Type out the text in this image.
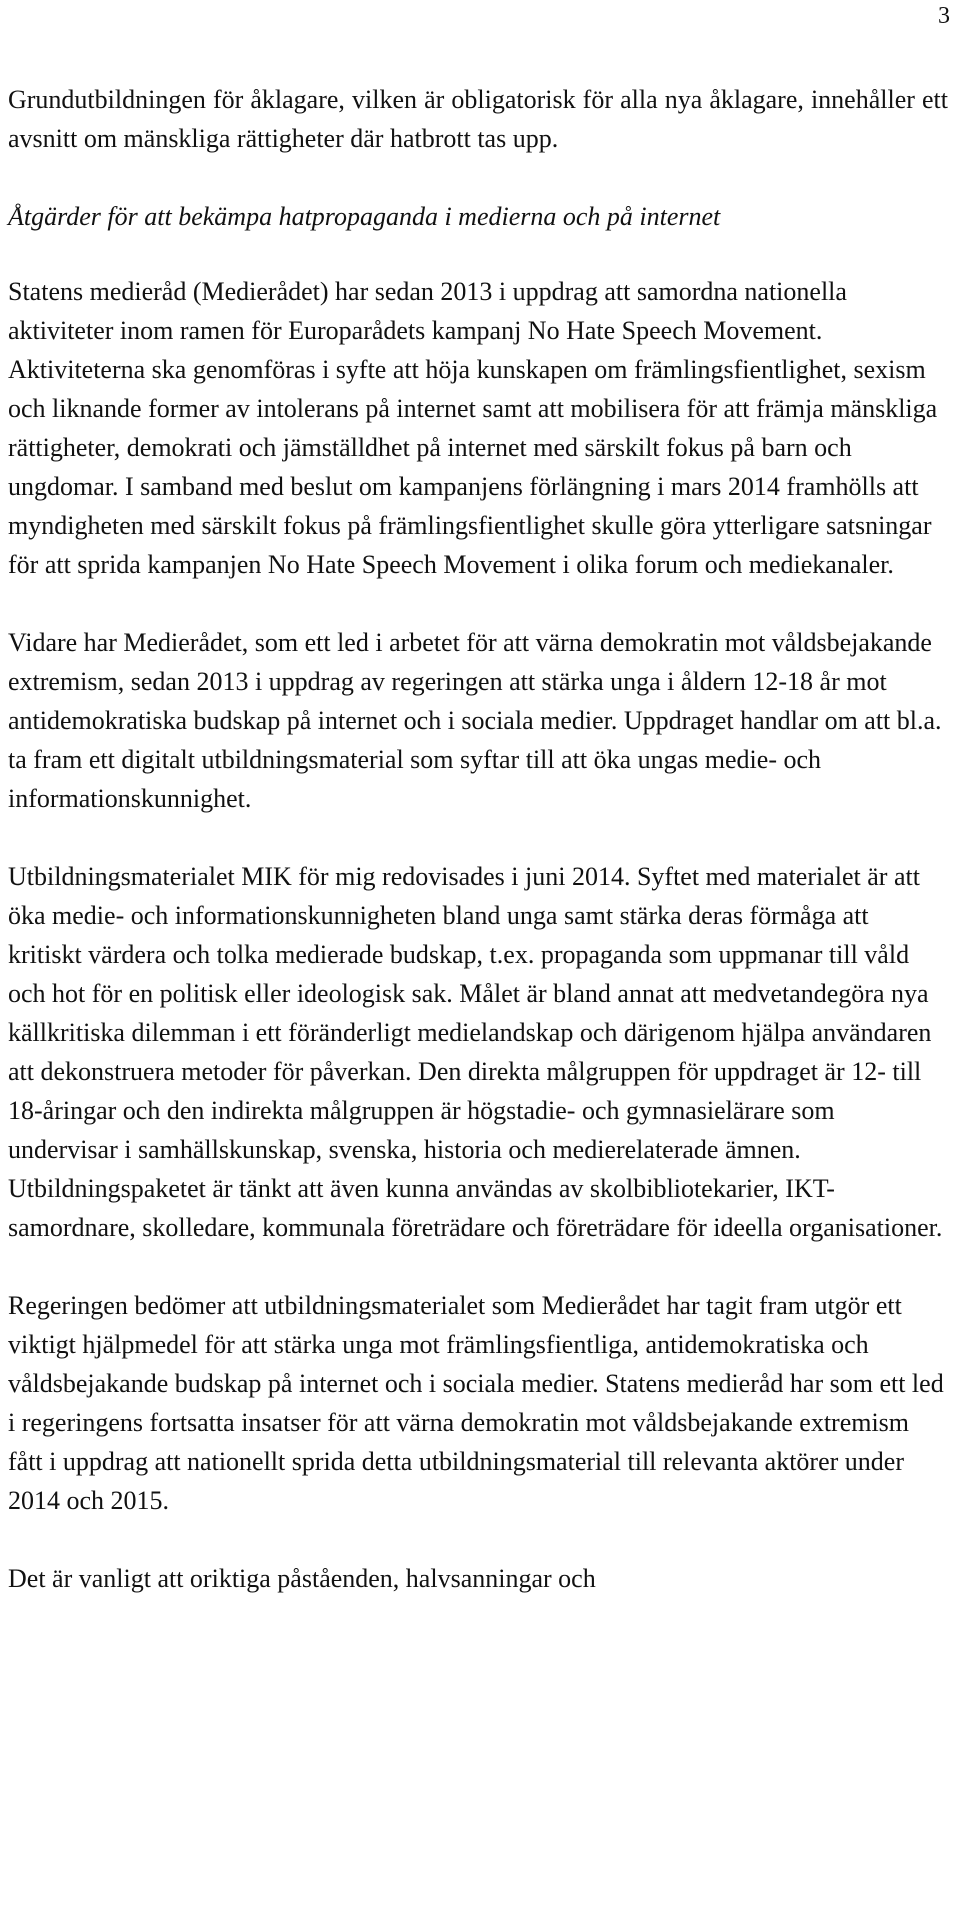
3

Grundutbildningen för åklagare, vilken är obligatorisk för alla nya åklagare, innehåller ett avsnitt om mänskliga rättigheter där hatbrott tas upp.

Åtgärder för att bekämpa hatpropaganda i medierna och på internet

Statens medieråd (Medierådet) har sedan 2013 i uppdrag att samordna nationella aktiviteter inom ramen för Europarådets kampanj No Hate Speech Movement. Aktiviteterna ska genomföras i syfte att höja kunskapen om främlingsfientlighet, sexism och liknande former av intolerans på internet samt att mobilisera för att främja mänskliga rättigheter, demokrati och jämställdhet på internet med särskilt fokus på barn och ungdomar. I samband med beslut om kampanjens förlängning i mars 2014 framhölls att myndigheten med särskilt fokus på främlingsfientlighet skulle göra ytterligare satsningar för att sprida kampanjen No Hate Speech Movement i olika forum och mediekanaler.

Vidare har Medierådet, som ett led i arbetet för att värna demokratin mot våldsbejakande extremism, sedan 2013 i uppdrag av regeringen att stärka unga i åldern 12-18 år mot antidemokratiska budskap på internet och i sociala medier. Uppdraget handlar om att bl.a. ta fram ett digitalt utbildningsmaterial som syftar till att öka ungas medie- och informationskunnighet.

Utbildningsmaterialet MIK för mig redovisades i juni 2014. Syftet med materialet är att öka medie- och informationskunnigheten bland unga samt stärka deras förmåga att kritiskt värdera och tolka medierade budskap, t.ex. propaganda som uppmanar till våld och hot för en politisk eller ideologisk sak. Målet är bland annat att medvetandegöra nya källkritiska dilemman i ett föränderligt medielandskap och därigenom hjälpa användaren att dekonstruera metoder för påverkan. Den direkta målgruppen för uppdraget är 12- till 18-åringar och den indirekta målgruppen är högstadie- och gymnasielärare som undervisar i samhällskunskap, svenska, historia och medierelaterade ämnen. Utbildningspaketet är tänkt att även kunna användas av skolbibliotekarier, IKT-samordnare, skolledare, kommunala företrädare och företrädare för ideella organisationer.

Regeringen bedömer att utbildningsmaterialet som Medierådet har tagit fram utgör ett viktigt hjälpmedel för att stärka unga mot främlingsfientliga, antidemokratiska och våldsbejakande budskap på internet och i sociala medier. Statens medieråd har som ett led i regeringens fortsatta insatser för att värna demokratin mot våldsbejakande extremism fått i uppdrag att nationellt sprida detta utbildningsmaterial till relevanta aktörer under 2014 och 2015.

Det är vanligt att oriktiga påståenden, halvsanningar och
